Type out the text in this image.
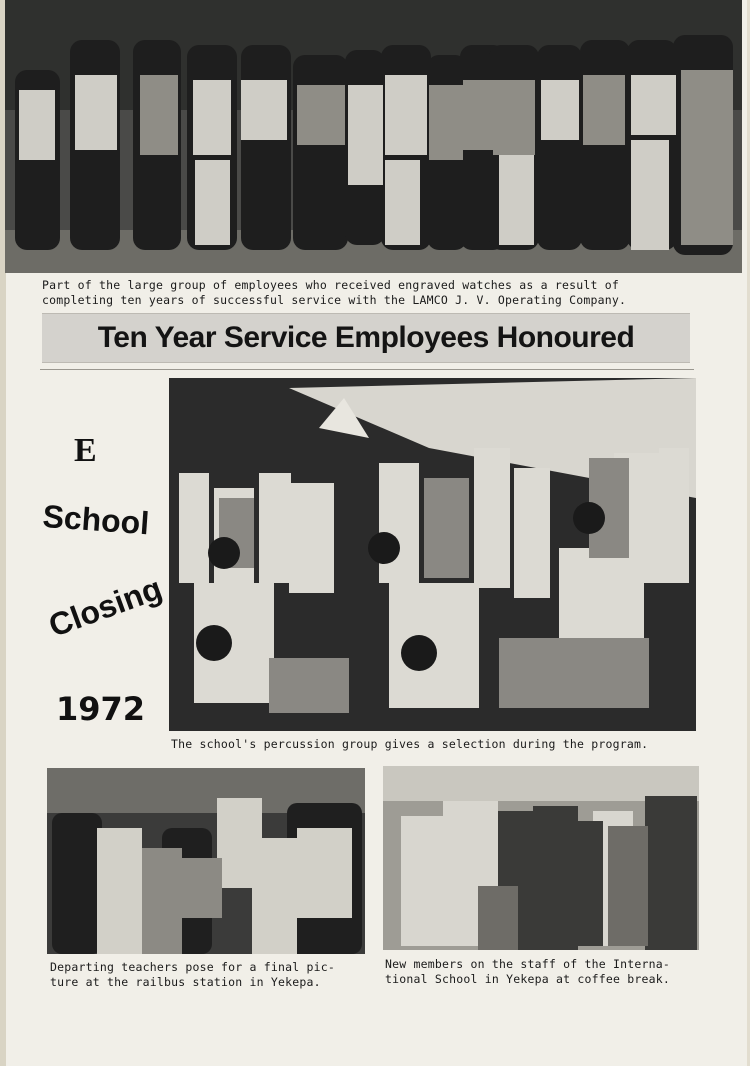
Part of the large group of employees who received engraved watches as a result of
completing ten years of successful service with the LAMCO J. V. Operating Company.
Ten Year Service Employees Honoured
E
School
Closing
1972
The school's percussion group gives a selection during the program.
Departing teachers pose for a final pic-
ture at the railbus station in Yekepa.
New members on the staff of the Interna-
tional School in Yekepa at coffee break.
